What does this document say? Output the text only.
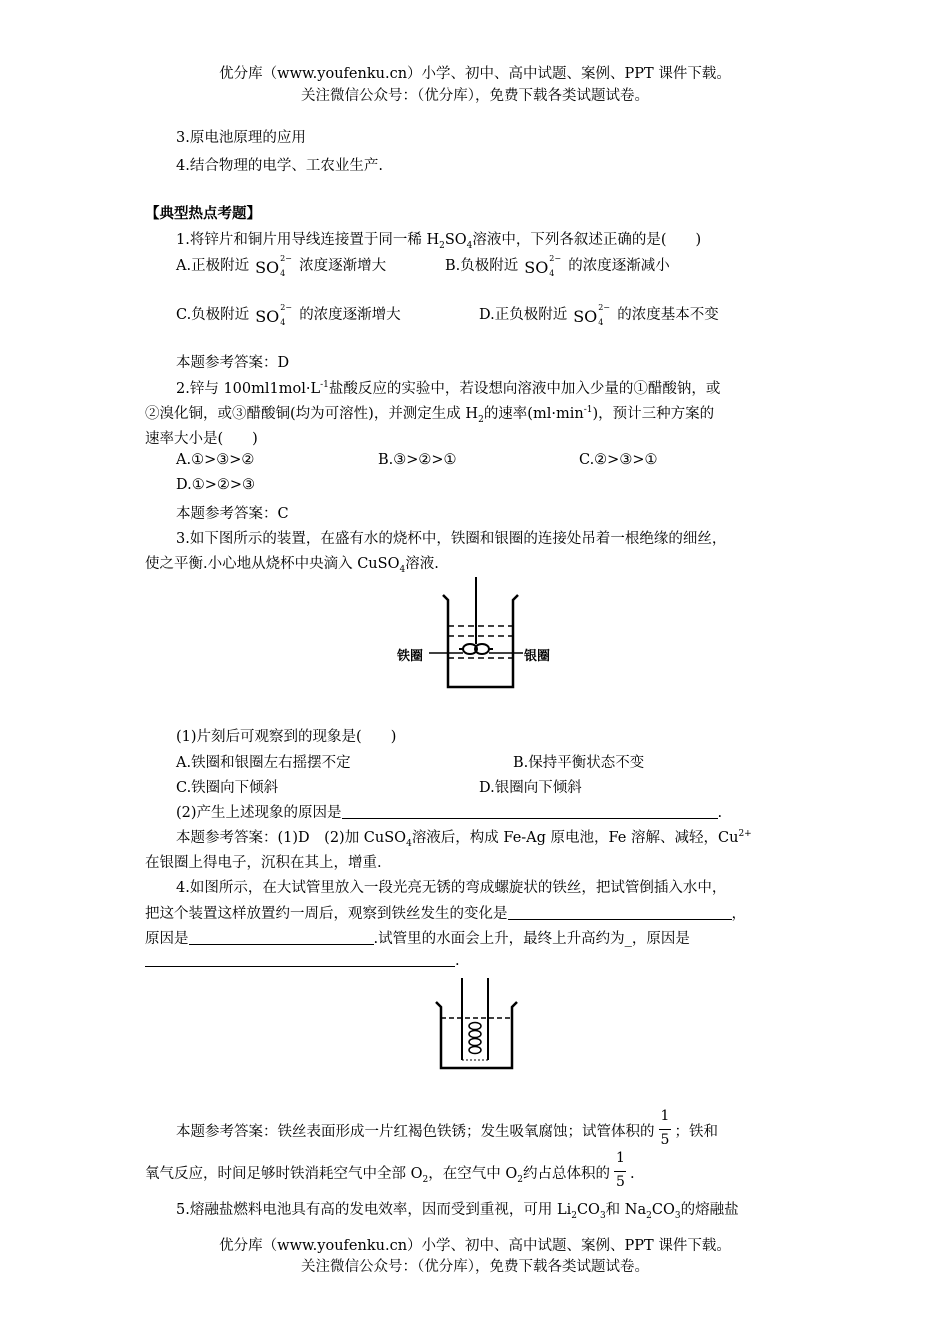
优分库（www.youfenku.cn）小学、初中、高中试题、案例、PPT 课件下载。
关注微信公众号：（优分库），免费下载各类试题试卷。
3.原电池原理的应用
4.结合物理的电学、工农业生产.
【典型热点考题】
1.将锌片和铜片用导线连接置于同一稀 $H_2SO_4$溶液中，下列各叙述正确的是(　　)
A.正极附近 SO 2−
4 浓度逐渐增大	B.负极附近 SO 2−
4 的浓度逐渐减小
C.负极附近 SO 2−
4 的浓度逐渐增大	D.正负极附近 SO 2−
4 的浓度基本不变
本题参考答案：D
2.锌与 $100ml1mol\cdot L^{-1}$盐酸反应的实验中，若设想向溶液中加入少量的①醋酸钠，或
②溴化铜，或③醋酸铜(均为可溶性)，并测定生成 $H_2$的速率$(ml\cdot\min^{-1})$，预计三种方案的
速率大小是(　　)
A.①>③>②	B.③>②>①	C.②>③>①
D.①>②>③
本题参考答案：C
3.如下图所示的装置，在盛有水的烧杯中，铁圈和银圈的连接处吊着一根绝缘的细丝，
使之平衡.小心地从烧杯中央滴入 CuSO$_4$溶液.
铁圈	银圈
(1)片刻后可观察到的现象是(　　)
A.铁圈和银圈左右摇摆不定	B.保持平衡状态不变
C.铁圈向下倾斜	D.银圈向下倾斜
(2)产生上述现象的原因是	.
本题参考答案：(1)D　(2)加 CuSO$_4$溶液后，构成 Fe-Ag 原电池，Fe 溶解、减轻，$Cu^{2+}$
在银圈上得电子，沉积在其上，增重.
4.如图所示，在大试管里放入一段光亮无锈的弯成螺旋状的铁丝，把试管倒插入水中，
把这个装置这样放置约一周后，观察到铁丝发生的变化是	，
原因是	.试管里的水面会上升，最终上升高约为_，原因是
.
本题参考答案：铁丝表面形成一片红褐色铁锈；发生吸氧腐蚀；试管体积的 $\frac{1}{5}$ ；铁和
氧气反应，时间足够时铁消耗空气中全部 $O_2$，在空气中 $O_2$约占总体积的 $\frac{1}{5}$ .
5.熔融盐燃料电池具有高的发电效率，因而受到重视，可用 $Li_2CO_3$和 $Na_2CO_3$的熔融盐
优分库（www.youfenku.cn）小学、初中、高中试题、案例、PPT 课件下载。
关注微信公众号：（优分库），免费下载各类试题试卷。
